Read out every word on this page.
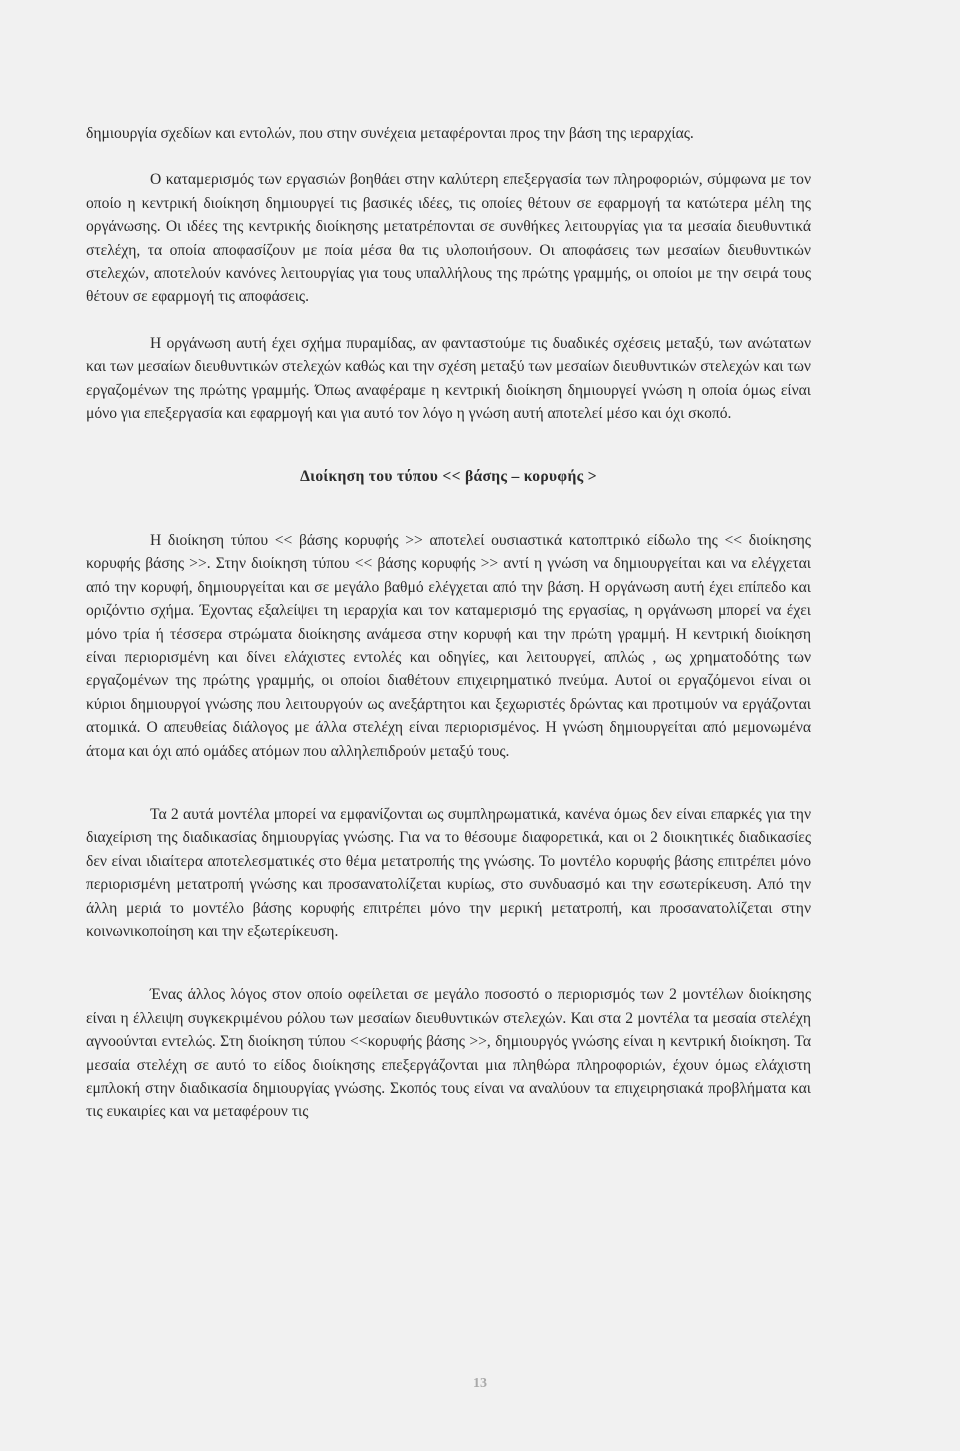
δημιουργία σχεδίων και εντολών, που στην συνέχεια μεταφέρονται προς την βάση της ιεραρχίας.

Ο καταμερισμός των εργασιών βοηθάει στην καλύτερη επεξεργασία των πληροφοριών, σύμφωνα με τον οποίο η κεντρική διοίκηση δημιουργεί τις βασικές ιδέες, τις οποίες θέτουν σε εφαρμογή τα κατώτερα μέλη της οργάνωσης. Οι ιδέες της κεντρικής διοίκησης μετατρέπονται σε συνθήκες λειτουργίας για τα μεσαία διευθυντικά στελέχη, τα οποία αποφασίζουν με ποία μέσα θα τις υλοποιήσουν. Οι αποφάσεις των μεσαίων διευθυντικών στελεχών, αποτελούν κανόνες λειτουργίας για τους υπαλλήλους της πρώτης γραμμής, οι οποίοι με την σειρά τους θέτουν σε εφαρμογή τις αποφάσεις.

Η οργάνωση αυτή έχει σχήμα πυραμίδας, αν φανταστούμε τις δυαδικές σχέσεις μεταξύ, των ανώτατων και των μεσαίων διευθυντικών στελεχών καθώς και την σχέση μεταξύ των μεσαίων διευθυντικών στελεχών και των εργαζομένων της πρώτης γραμμής. Όπως αναφέραμε η κεντρική διοίκηση δημιουργεί γνώση η οποία όμως είναι μόνο για επεξεργασία και εφαρμογή και για αυτό τον λόγο η γνώση αυτή αποτελεί μέσο και όχι σκοπό.

Διοίκηση του τύπου << βάσης – κορυφής >

Η διοίκηση τύπου << βάσης κορυφής >> αποτελεί ουσιαστικά κατοπτρικό είδωλο της << διοίκησης κορυφής βάσης >>. Στην διοίκηση τύπου << βάσης κορυφής >> αντί η γνώση να δημιουργείται και να ελέγχεται από την κορυφή, δημιουργείται και σε μεγάλο βαθμό ελέγχεται από την βάση. Η οργάνωση αυτή έχει επίπεδο και οριζόντιο σχήμα. Έχοντας εξαλείψει τη ιεραρχία και τον καταμερισμό της εργασίας, η οργάνωση μπορεί να έχει μόνο τρία ή τέσσερα στρώματα διοίκησης ανάμεσα στην κορυφή και την πρώτη γραμμή. Η κεντρική διοίκηση είναι περιορισμένη και δίνει ελάχιστες εντολές και οδηγίες, και λειτουργεί, απλώς , ως χρηματοδότης των εργαζομένων της πρώτης γραμμής, οι οποίοι διαθέτουν επιχειρηματικό πνεύμα. Αυτοί οι εργαζόμενοι είναι οι κύριοι δημιουργοί γνώσης που λειτουργούν ως ανεξάρτητοι και ξεχωριστές δρώντας και προτιμούν να εργάζονται ατομικά. Ο απευθείας διάλογος με άλλα στελέχη είναι περιορισμένος. Η γνώση δημιουργείται από μεμονωμένα άτομα και όχι από ομάδες ατόμων που αλληλεπιδρούν μεταξύ τους.

Τα 2 αυτά μοντέλα μπορεί να εμφανίζονται ως συμπληρωματικά, κανένα όμως δεν είναι επαρκές για την διαχείριση της διαδικασίας δημιουργίας γνώσης. Για να το θέσουμε διαφορετικά, και οι 2 διοικητικές διαδικασίες δεν είναι ιδιαίτερα αποτελεσματικές στο θέμα μετατροπής της γνώσης. Το μοντέλο κορυφής βάσης επιτρέπει μόνο περιορισμένη μετατροπή γνώσης και προσανατολίζεται κυρίως, στο συνδυασμό και την εσωτερίκευση. Από την άλλη μεριά το μοντέλο βάσης κορυφής επιτρέπει μόνο την μερική μετατροπή, και προσανατολίζεται στην κοινωνικοποίηση και την εξωτερίκευση.

Ένας άλλος λόγος στον οποίο οφείλεται σε μεγάλο ποσοστό ο περιορισμός των 2 μοντέλων διοίκησης είναι η έλλειψη συγκεκριμένου ρόλου των μεσαίων διευθυντικών στελεχών. Και στα 2 μοντέλα τα μεσαία στελέχη αγνοούνται εντελώς. Στη διοίκηση τύπου <<κορυφής βάσης >>, δημιουργός γνώσης είναι η κεντρική διοίκηση. Τα μεσαία στελέχη σε αυτό το είδος διοίκησης επεξεργάζονται μια πληθώρα πληροφοριών, έχουν όμως ελάχιστη εμπλοκή στην διαδικασία δημιουργίας γνώσης. Σκοπός τους είναι να αναλύουν τα επιχειρησιακά προβλήματα και τις ευκαιρίες και να μεταφέρουν τις

13
